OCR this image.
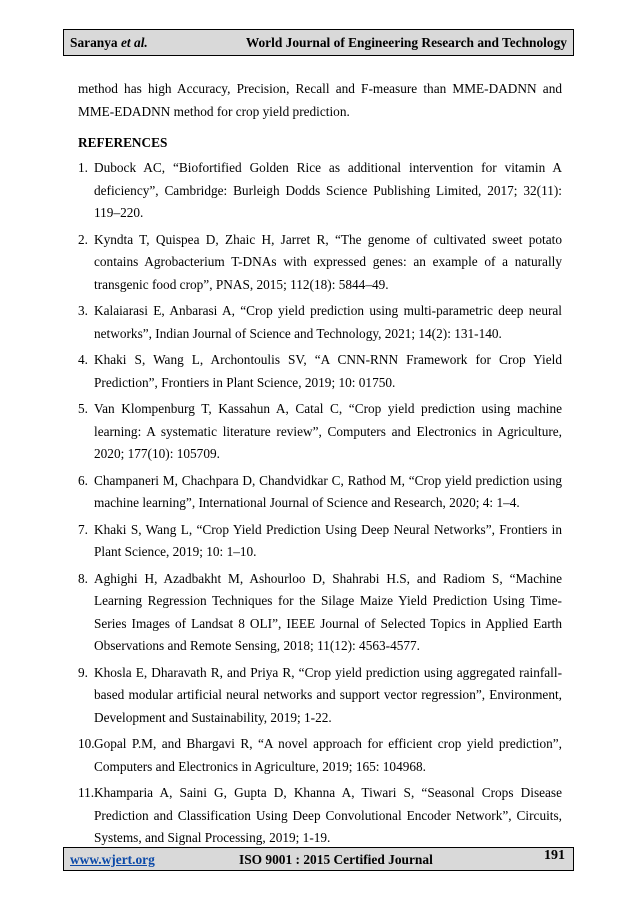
Saranya et al.	World Journal of Engineering Research and Technology

method has high Accuracy, Precision, Recall and F-measure than MME-DADNN and MME-EDADNN method for crop yield prediction.

REFERENCES
1. Dubock AC, “Biofortified Golden Rice as additional intervention for vitamin A deficiency”, Cambridge: Burleigh Dodds Science Publishing Limited, 2017; 32(11): 119–220.
2. Kyndta T, Quispea D, Zhaic H, Jarret R, “The genome of cultivated sweet potato contains Agrobacterium T-DNAs with expressed genes: an example of a naturally transgenic food crop”, PNAS, 2015; 112(18): 5844–49.
3. Kalaiarasi E, Anbarasi A, “Crop yield prediction using multi-parametric deep neural networks”, Indian Journal of Science and Technology, 2021; 14(2): 131-140.
4. Khaki S, Wang L, Archontoulis SV, “A CNN-RNN Framework for Crop Yield Prediction”, Frontiers in Plant Science, 2019; 10: 01750.
5. Van Klompenburg T, Kassahun A, Catal C, “Crop yield prediction using machine learning: A systematic literature review”, Computers and Electronics in Agriculture, 2020; 177(10): 105709.
6. Champaneri M, Chachpara D, Chandvidkar C, Rathod M, “Crop yield prediction using machine learning”, International Journal of Science and Research, 2020; 4: 1–4.
7. Khaki S, Wang L, “Crop Yield Prediction Using Deep Neural Networks”, Frontiers in Plant Science, 2019; 10: 1–10.
8. Aghighi H, Azadbakht M, Ashourloo D, Shahrabi H.S, and Radiom S, “Machine Learning Regression Techniques for the Silage Maize Yield Prediction Using Time-Series Images of Landsat 8 OLI”, IEEE Journal of Selected Topics in Applied Earth Observations and Remote Sensing, 2018; 11(12): 4563-4577.
9. Khosla E, Dharavath R, and Priya R, “Crop yield prediction using aggregated rainfall-based modular artificial neural networks and support vector regression”, Environment, Development and Sustainability, 2019; 1-22.
10. Gopal P.M, and Bhargavi R, “A novel approach for efficient crop yield prediction”, Computers and Electronics in Agriculture, 2019; 165: 104968.
11. Khamparia A, Saini G, Gupta D, Khanna A, Tiwari S, “Seasonal Crops Disease Prediction and Classification Using Deep Convolutional Encoder Network”, Circuits, Systems, and Signal Processing, 2019; 1-19.
www.wjert.org	ISO 9001 : 2015 Certified Journal	191
